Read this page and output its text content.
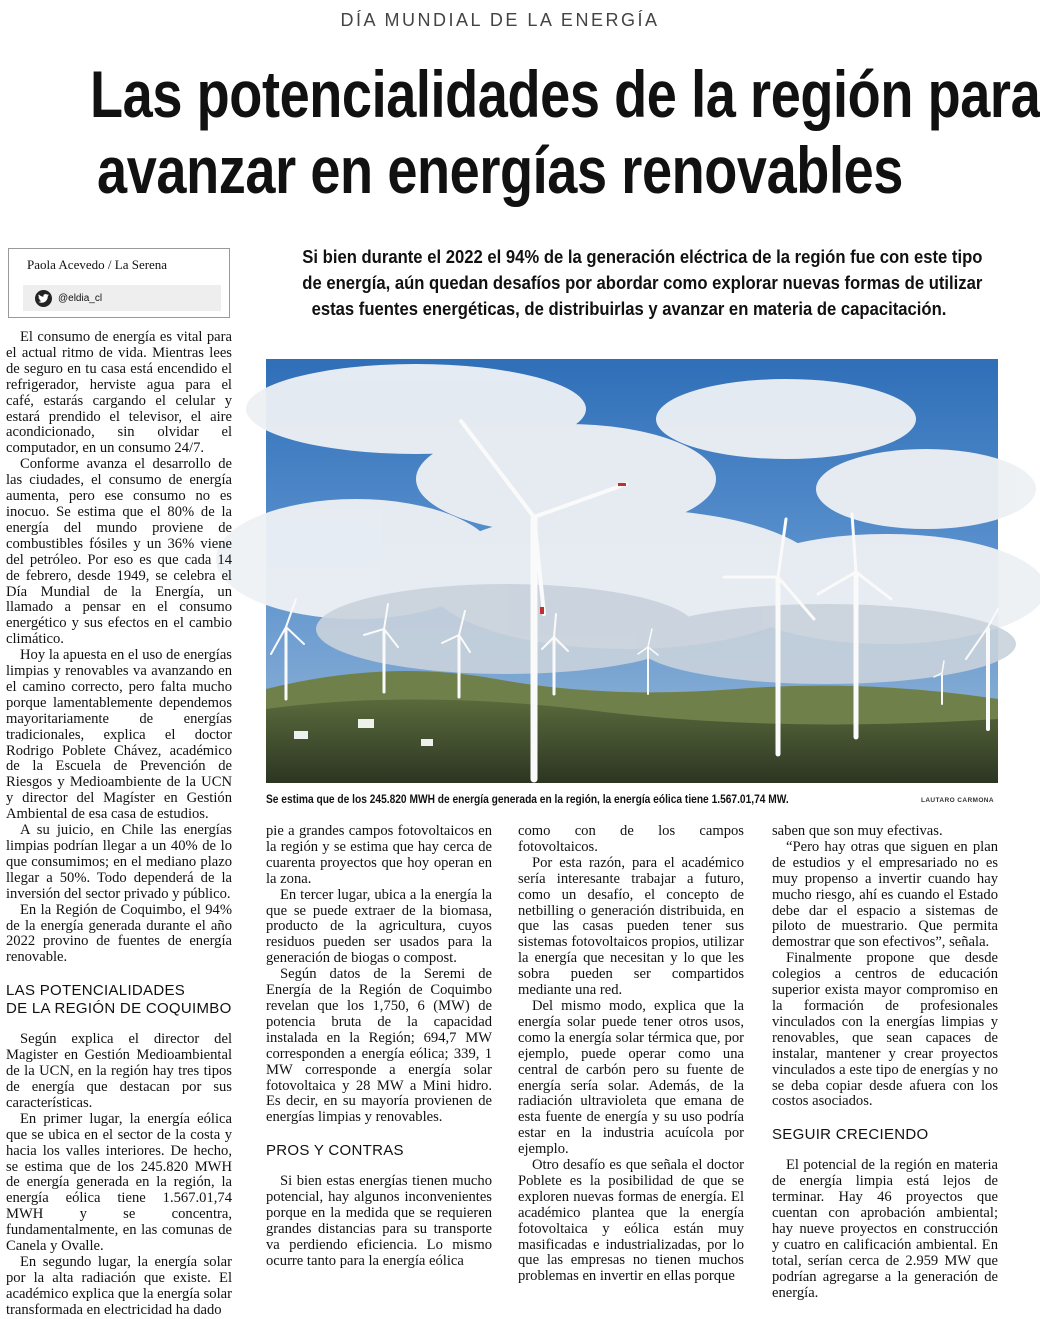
DÍA MUNDIAL DE LA ENERGÍA
Las potencialidades de la región para
avanzar en energías renovables
Paola Acevedo / La Serena
@eldia_cl
Si bien durante el 2022 el 94% de la generación eléctrica de la región fue con este tipo
de energía, aún quedan desafíos por abordar como explorar nuevas formas de utilizar
estas fuentes energéticas, de distribuirlas y avanzar en materia de capacitación.
Se estima que de los 245.820 MWH de energía generada en la región, la energía eólica tiene 1.567.01,74 MW.	LAUTARO CARMONA

El consumo de energía es vital para el actual ritmo de vida. Mientras lees de seguro en tu casa está encendido el refrigerador, herviste agua para el café, estarás cargando el celular y estará prendido el televisor, el aire acondicionado, sin olvidar el computador, en un consumo 24/7.

Conforme avanza el desarrollo de las ciudades, el consumo de energía aumenta, pero ese consumo no es inocuo. Se estima que el 80% de la energía del mundo proviene de combustibles fósiles y un 36% viene del petróleo. Por eso es que cada 14 de febrero, desde 1949, se celebra el Día Mundial de la Energía, un llamado a pensar en el consumo energético y sus efectos en el cambio climático.

Hoy la apuesta en el uso de energías limpias y renovables va avanzando en el camino correcto, pero falta mucho porque lamentablemente dependemos mayoritariamente de energías tradicionales, explica el doctor Rodrigo Poblete Chávez, académico de la Escuela de Prevención de Riesgos y Medioambiente de la UCN y director del Magíster en Gestión Ambiental de esa casa de estudios.

A su juicio, en Chile las energías limpias podrían llegar a un 40% de lo que consumimos; en el mediano plazo llegar a 50%. Todo dependerá de la inversión del sector privado y público.

En la Región de Coquimbo, el 94% de la energía generada durante el año 2022 provino de fuentes de energía renovable.

LAS POTENCIALIDADES
DE LA REGIÓN DE COQUIMBO

Según explica el director del Magister en Gestión Medioambiental de la UCN, en la región hay tres tipos de energía que destacan por sus características.

En primer lugar, la energía eólica que se ubica en el sector de la costa y hacia los valles interiores. De hecho, se estima que de los 245.820 MWH de energía generada en la región, la energía eólica tiene 1.567.01,74 MWH y se concentra, fundamentalmente, en las comunas de Canela y Ovalle.

En segundo lugar, la energía solar por la alta radiación que existe. El académico explica que la energía solar transformada en electricidad ha dado

pie a grandes campos fotovoltaicos en la región y se estima que hay cerca de cuarenta proyectos que hoy operan en la zona.

En tercer lugar, ubica a la energía la que se puede extraer de la biomasa, producto de la agricultura, cuyos residuos pueden ser usados para la generación de biogas o compost.

Según datos de la Seremi de Energía de la Región de Coquimbo revelan que los 1,750, 6 (MW) de potencia bruta de la capacidad instalada en la Región; 694,7 MW corresponden a energía eólica; 339, 1 MW corresponde a energía solar fotovoltaica y 28 MW a Mini hidro. Es decir, en su mayoría provienen de energías limpias y renovables.

PROS Y CONTRAS

Si bien estas energías tienen mucho potencial, hay algunos inconvenientes porque en la medida que se requieren grandes distancias para su transporte va perdiendo eficiencia. Lo mismo ocurre tanto para la energía eólica

como con de los campos fotovoltaicos.

Por esta razón, para el académico sería interesante trabajar a futuro, como un desafío, el concepto de netbilling o generación distribuida, en que las casas pueden tener sus sistemas fotovoltaicos propios, utilizar la energía que necesitan y lo que les sobra pueden ser compartidos mediante una red.

Del mismo modo, explica que la energía solar puede tener otros usos, como la energía solar térmica que, por ejemplo, puede operar como una central de carbón pero su fuente de energía sería solar. Además, de la radiación ultravioleta que emana de esta fuente de energía y su uso podría estar en la industria acuícola por ejemplo.

Otro desafío es que señala el doctor Poblete es la posibilidad de que se exploren nuevas formas de energía. El académico plantea que la energía fotovoltaica y eólica están muy masificadas e industrializadas, por lo que las empresas no tienen muchos problemas en invertir en ellas porque

saben que son muy efectivas.

“Pero hay otras que siguen en plan de estudios y el empresariado no es muy propenso a invertir cuando hay mucho riesgo, ahí es cuando el Estado debe dar el espacio a sistemas de piloto de muestrario. Que permita demostrar que son efectivos”, señala.

Finalmente propone que desde colegios a centros de educación superior exista mayor compromiso en la formación de profesionales vinculados con la energías limpias y renovables, que sean capaces de instalar, mantener y crear proyectos vinculados a este tipo de energías y no se deba copiar desde afuera con los costos asociados.

SEGUIR CRECIENDO

El potencial de la región en materia de energía limpia está lejos de terminar. Hay 46 proyectos que cuentan con aprobación ambiental; hay nueve proyectos en construcción y cuatro en calificación ambiental. En total, serían cerca de 2.959 MW que podrían agregarse a la generación de energía.
